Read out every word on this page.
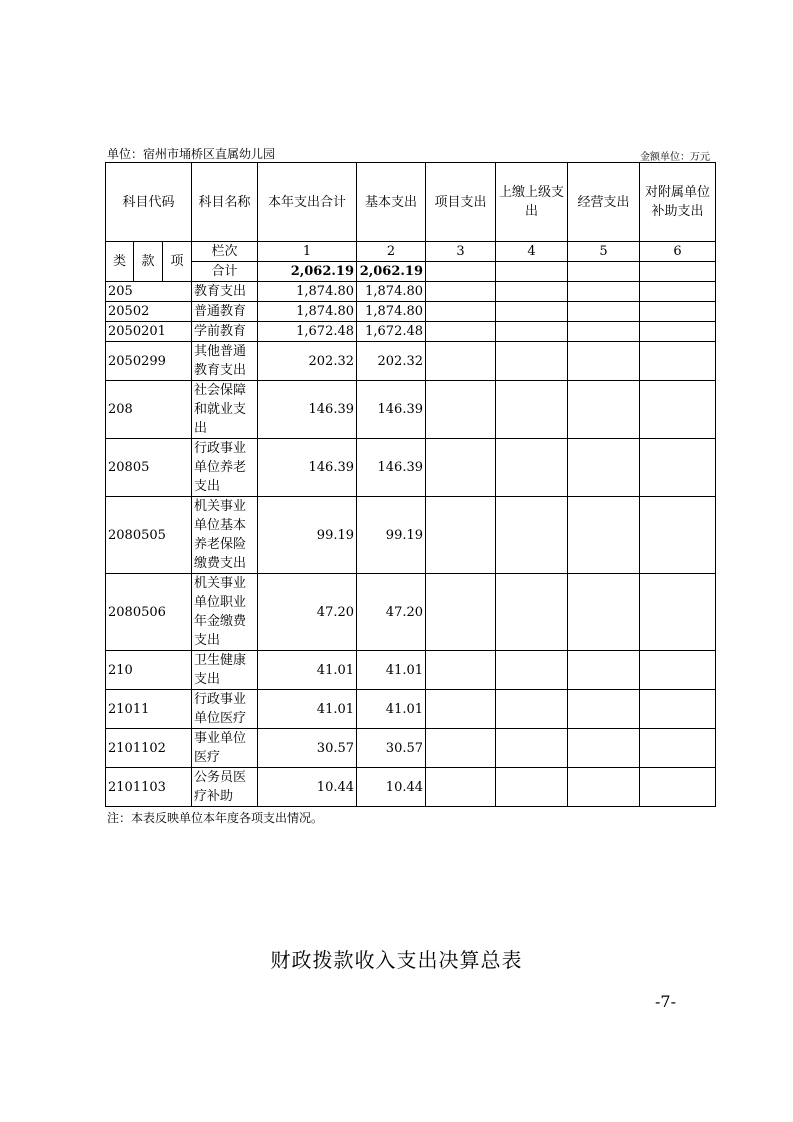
单位：宿州市埇桥区直属幼儿园	金额单位：万元
科目代码			科目名称	本年支出合计	基本支出	项目支出	上缴上级支出	经营支出	对附属单位补助支出
类	款	项	栏次	1	2	3	4	5	6
			合计	2,062.19	2,062.19				
205			教育支出	1,874.80	1,874.80				
20502			普通教育	1,874.80	1,874.80				
2050201			学前教育	1,672.48	1,672.48				
2050299			其他普通教育支出	202.32	202.32				
208			社会保障和就业支出	146.39	146.39				
20805			行政事业单位养老支出	146.39	146.39				
2080505			机关事业单位基本养老保险缴费支出	99.19	99.19				
2080506			机关事业单位职业年金缴费支出	47.20	47.20				
210			卫生健康支出	41.01	41.01				
21011			行政事业单位医疗	41.01	41.01				
2101102			事业单位医疗	30.57	30.57				
2101103			公务员医疗补助	10.44	10.44				
注：本表反映单位本年度各项支出情况。
财政拨款收入支出决算总表
-7-
